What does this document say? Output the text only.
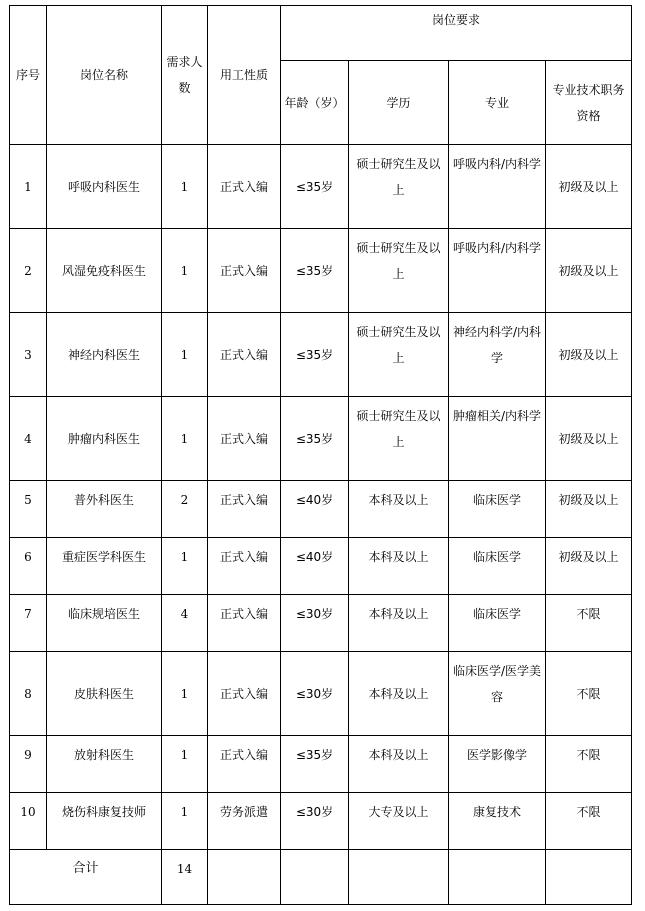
序号	岗位名称	需求人数	用工性质	岗位要求			
				年龄（岁）	学历	专业	专业技术职务资格
1	呼吸内科医生	1	正式入编	≤35岁	硕士研究生及以上	呼吸内科/内科学	初级及以上
2	风湿免疫科医生	1	正式入编	≤35岁	硕士研究生及以上	呼吸内科/内科学	初级及以上
3	神经内科医生	1	正式入编	≤35岁	硕士研究生及以上	神经内科学/内科学	初级及以上
4	肿瘤内科医生	1	正式入编	≤35岁	硕士研究生及以上	肿瘤相关/内科学	初级及以上
5	普外科医生	2	正式入编	≤40岁	本科及以上	临床医学	初级及以上
6	重症医学科医生	1	正式入编	≤40岁	本科及以上	临床医学	初级及以上
7	临床规培医生	4	正式入编	≤30岁	本科及以上	临床医学	不限
8	皮肤科医生	1	正式入编	≤30岁	本科及以上	临床医学/医学美容	不限
9	放射科医生	1	正式入编	≤35岁	本科及以上	医学影像学	不限
10	烧伤科康复技师	1	劳务派遣	≤30岁	大专及以上	康复技术	不限
合计		14					
